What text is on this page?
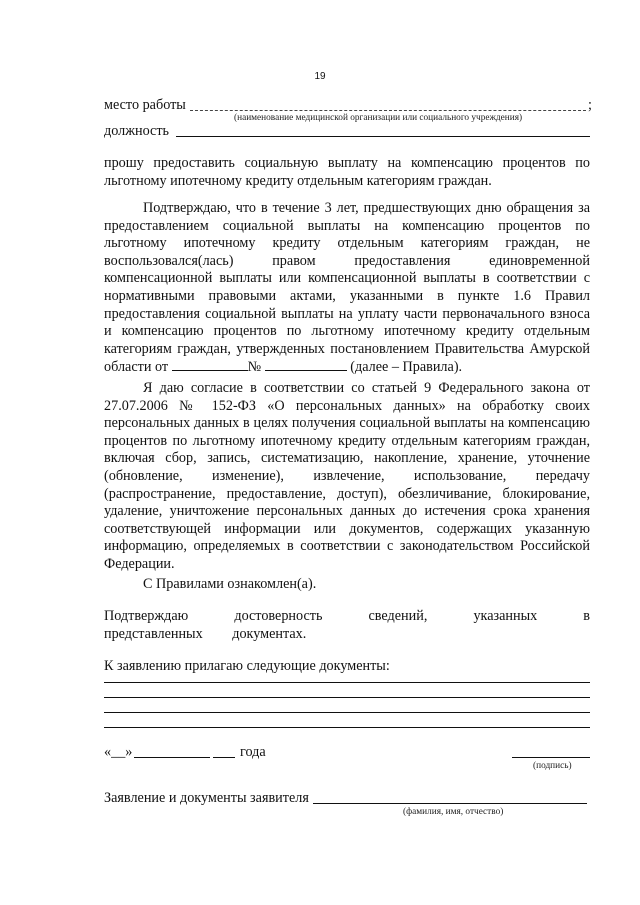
19
место работы	;
(наименование медицинской организации или социального учреждения)
должность

прошу предоставить социальную выплату на компенсацию процентов по льготному ипотечному кредиту отдельным категориям граждан.

Подтверждаю, что в течение 3 лет, предшествующих дню обращения за предоставлением социальной выплаты на компенсацию процентов по льготному ипотечному кредиту отдельным категориям граждан, не воспользовался(лась) правом предоставления единовременной компенсационной выплаты или компенсационной выплаты в соответствии с нормативными правовыми актами, указанными в пункте 1.6 Правил предоставления социальной выплаты на уплату части первоначального взноса и компенсацию процентов по льготному ипотечному кредиту отдельным категориям граждан, утвержденных постановлением Правительства Амурской области от	№	(далее – Правила).

Я даю согласие в соответствии со статьей 9 Федерального закона от 27.07.2006 № 152-ФЗ «О персональных данных» на обработку своих персональных данных в целях получения социальной выплаты на компенсацию процентов по льготному ипотечному кредиту отдельным категориям граждан, включая сбор, запись, систематизацию, накопление, хранение, уточнение (обновление, изменение), извлечение, использование, передачу (распространение, предоставление, доступ), обезличивание, блокирование, удаление, уничтожение персональных данных до истечения срока хранения соответствующей информации или документов, содержащих указанную информацию, определяемых в соответствии с законодательством Российской Федерации.

С Правилами ознакомлен(а).

Подтверждаю достоверность сведений, указанных в представленных документах.

К заявлению прилагаю следующие документы:
«__»	года
(подпись)
Заявление и документы заявителя
(фамилия, имя, отчество)
